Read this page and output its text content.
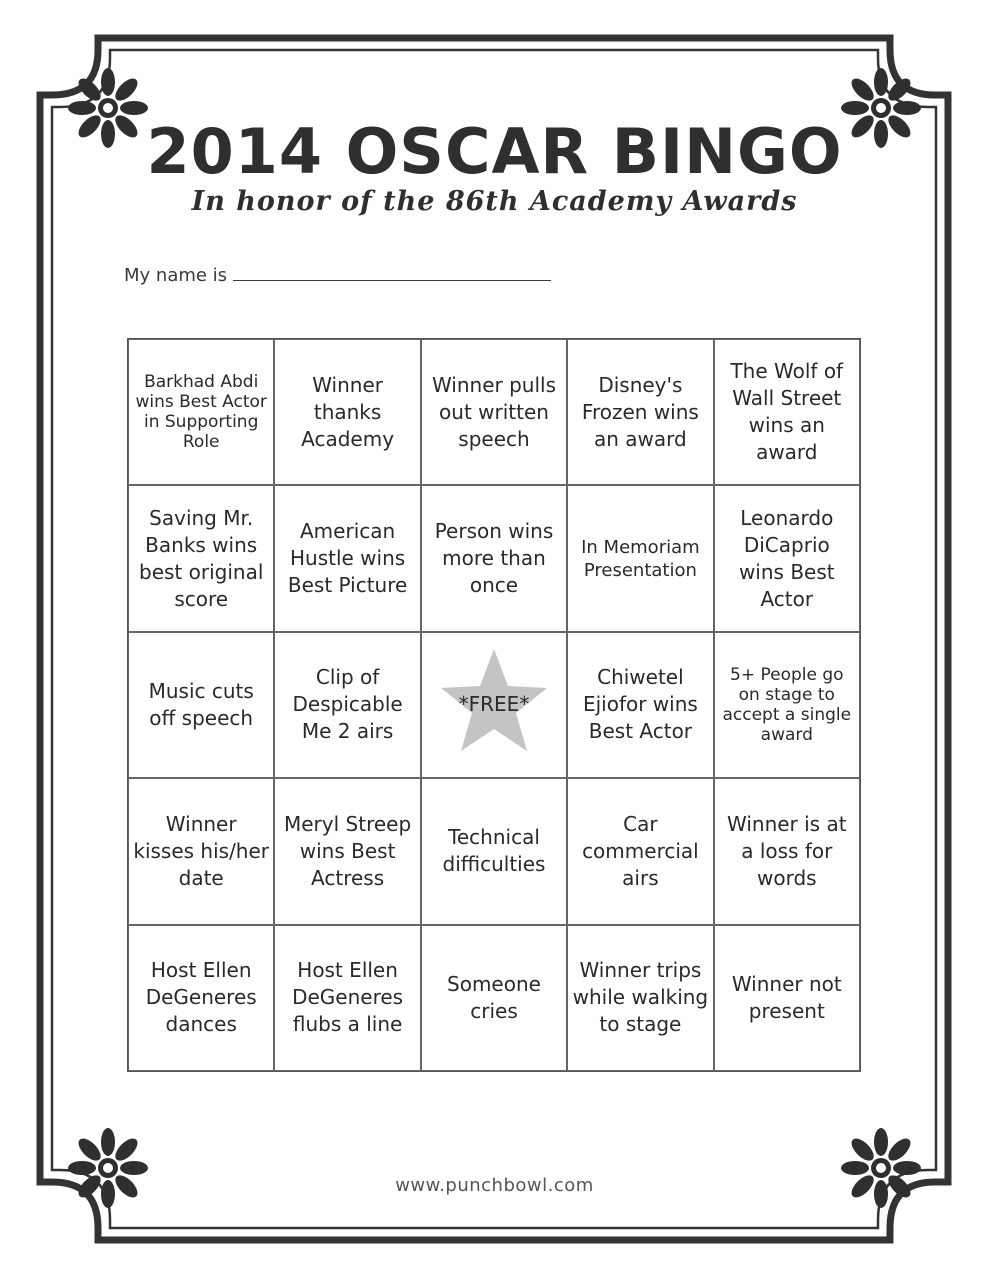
2014 OSCAR BINGO
In honor of the 86th Academy Awards
My name is
Barkhad Abdi wins Best Actor in Supporting Role
Winner thanks Academy
Winner pulls out written speech
Disney's Frozen wins an award
The Wolf of Wall Street wins an award
Saving Mr. Banks wins best original score
American Hustle wins Best Picture
Person wins more than once
In Memoriam Presentation
Leonardo DiCaprio wins Best Actor
Music cuts off speech
Clip of Despicable Me 2 airs
*FREE*
Chiwetel Ejiofor wins Best Actor
5+ People go on stage to accept a single award
Winner kisses his/her date
Meryl Streep wins Best Actress
Technical difficulties
Car commercial airs
Winner is at a loss for words
Host Ellen DeGeneres dances
Host Ellen DeGeneres flubs a line
Someone cries
Winner trips while walking to stage
Winner not present
www.punchbowl.com
